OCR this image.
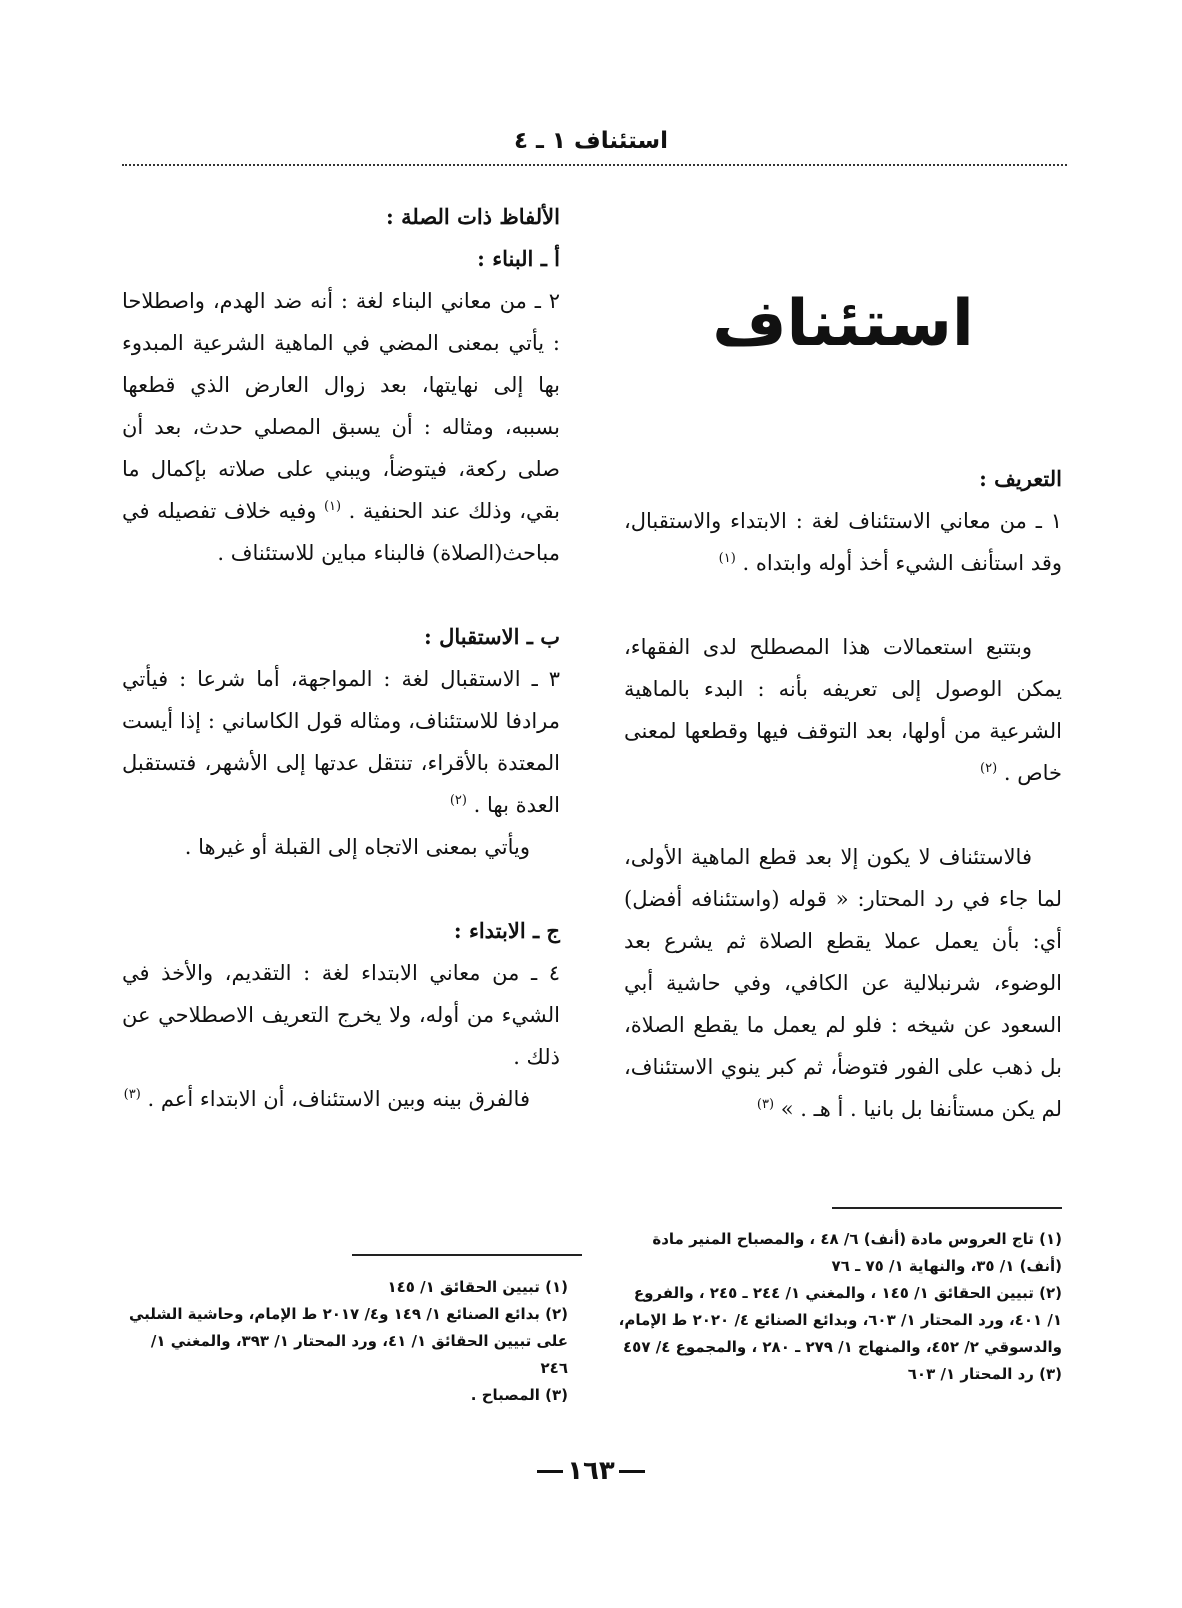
استئناف ١ ـ ٤
استئناف

التعريف :

١ ـ من معاني الاستئناف لغة : الابتداء والاستقبال، وقد استأنف الشيء أخذ أوله وابتداه . $^{(١)}$

وبتتبع استعمالات هذا المصطلح لدى الفقهاء، يمكن الوصول إلى تعريفه بأنه : البدء بالماهية الشرعية من أولها، بعد التوقف فيها وقطعها لمعنى خاص . $^{(٢)}$

فالاستئناف لا يكون إلا بعد قطع الماهية الأولى، لما جاء في رد المحتار: « قوله (واستئنافه أفضل) أي: بأن يعمل عملا يقطع الصلاة ثم يشرع بعد الوضوء، شرنبلالية عن الكافي، وفي حاشية أبي السعود عن شيخه : فلو لم يعمل ما يقطع الصلاة، بل ذهب على الفور فتوضأ، ثم كبر ينوي الاستئناف، لم يكن مستأنفا بل بانيا . أ هـ . » $^{(٣)}$

الألفاظ ذات الصلة :

أ ـ البناء :

٢ ـ من معاني البناء لغة : أنه ضد الهدم، واصطلاحا : يأتي بمعنى المضي في الماهية الشرعية المبدوء بها إلى نهايتها، بعد زوال العارض الذي قطعها بسببه، ومثاله : أن يسبق المصلي حدث، بعد أن صلى ركعة، فيتوضأ، ويبني على صلاته بإكمال ما بقي، وذلك عند الحنفية . $^{(١)}$ وفيه خلاف تفصيله في مباحث(الصلاة) فالبناء مباين للاستئناف .

ب ـ الاستقبال :

٣ ـ الاستقبال لغة : المواجهة، أما شرعا : فيأتي مرادفا للاستئناف، ومثاله قول الكاساني : إذا أيست المعتدة بالأقراء، تنتقل عدتها إلى الأشهر، فتستقبل العدة بها . $^{(٢)}$

ويأتي بمعنى الاتجاه إلى القبلة أو غيرها .

ج ـ الابتداء :

٤ ـ من معاني الابتداء لغة : التقديم، والأخذ في الشيء من أوله، ولا يخرج التعريف الاصطلاحي عن ذلك .

فالفرق بينه وبين الاستئناف، أن الابتداء أعم . $^{(٣)}$

(١) تاج العروس مادة (أنف) ٦/ ٤٨ ، والمصباح المنير مادة (أنف) ١/ ٣٥، والنهاية ١/ ٧٥ ـ ٧٦

(٢) تبيين الحقائق ١/ ١٤٥ ، والمغني ١/ ٢٤٤ ـ ٢٤٥ ، والفروع ١/ ٤٠١، ورد المحتار ١/ ٦٠٣، وبدائع الصنائع ٤/ ٢٠٢٠ ط الإمام، والدسوقي ٢/ ٤٥٢، والمنهاج ١/ ٢٧٩ ـ ٢٨٠ ، والمجموع ٤/ ٤٥٧

(٣) رد المحتار ١/ ٦٠٣

(١) تبيين الحقائق ١/ ١٤٥

(٢) بدائع الصنائع ١/ ١٤٩ و٤/ ٢٠١٧ ط الإمام، وحاشية الشلبي على تبيين الحقائق ١/ ٤١، ورد المحتار ١/ ٣٩٣، والمغني ١/ ٢٤٦

(٣) المصباح .

١٦٣
